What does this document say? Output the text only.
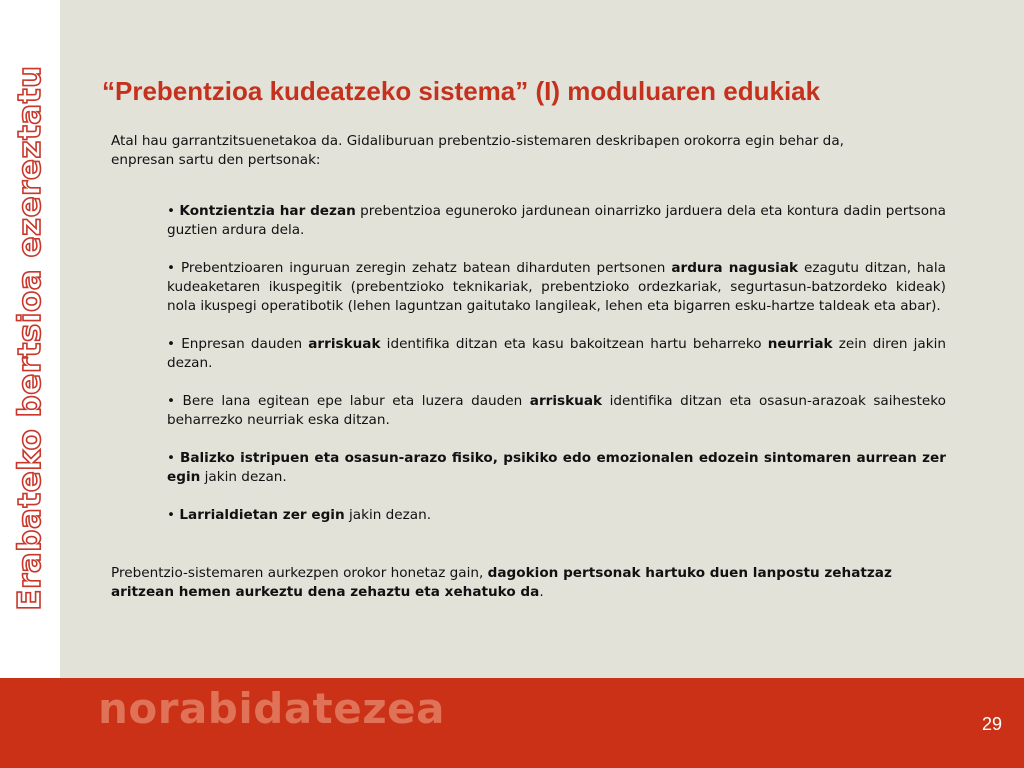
Erabateko bertsioa ezereztatu “Prebentzioa kudeatzeko sistema” (I) moduluaren edukiak

Atal hau garrantzitsuenetakoa da. Gidaliburuan prebentzio-sistemaren deskribapen orokorra egin behar da, enpresan sartu den pertsonak:

• Kontzientzia har dezan prebentzioa eguneroko jardunean oinarrizko jarduera dela eta kontura dadin pertsona guztien ardura dela.
• Prebentzioaren inguruan zeregin zehatz batean diharduten pertsonen ardura nagusiak ezagutu ditzan, hala kudeaketaren ikuspegitik (prebentzioko teknikariak, prebentzioko ordezkariak, segurtasun-batzordeko kideak) nola ikuspegi operatibotik (lehen laguntzan gaitutako langileak, lehen eta bigarren esku-hartze taldeak eta abar).
• Enpresan dauden arriskuak identifika ditzan eta kasu bakoitzean hartu beharreko neurriak zein diren jakin dezan.
• Bere lana egitean epe labur eta luzera dauden arriskuak identifika ditzan eta osasun-arazoak saihesteko beharrezko neurriak eska ditzan.
• Balizko istripuen eta osasun-arazo fisiko, psikiko edo emozionalen edozein sintomaren aurrean zer egin jakin dezan.
• Larrialdietan zer egin jakin dezan.

Prebentzio-sistemaren aurkezpen orokor honetaz gain, dagokion pertsonak hartuko duen lanpostu zehatzaz aritzean hemen aurkeztu dena zehaztu eta xehatuko da.

norabidatezea	29
